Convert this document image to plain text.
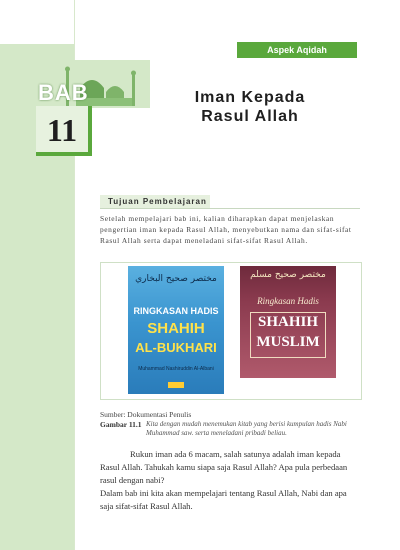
Aspek Aqidah
BAB
11
Iman Kepada
Rasul Allah
Tujuan Pembelajaran
Setelah mempelajari bab ini, kalian diharapkan dapat menjelaskan pengertian iman kepada Rasul Allah, menyebutkan nama dan sifat-sifat Rasul Allah serta dapat meneladani sifat-sifat Rasul Allah.
مختصر صحيح البخاري
RINGKASAN HADIS
SHAHIH
AL-BUKHARI
Muhammad Nashiruddin Al-Albani
مختصر صحيح مسلم
Ringkasan Hadis
SHAHIH
MUSLIM
Sumber: Dokumentasi Penulis
Gambar 11.1 Kita dengan mudah menemukan kitab yang berisi kumpulan hadis Nabi Muhammad saw. serta meneladani pribadi beliau.

Rukun iman ada 6 macam, salah satunya adalah iman kepada Rasul Allah. Tahukah kamu siapa saja Rasul Allah? Apa pula perbedaan rasul dengan nabi?

Dalam bab ini kita akan mempelajari tentang Rasul Allah, Nabi dan apa saja sifat-sifat Rasul Allah.
